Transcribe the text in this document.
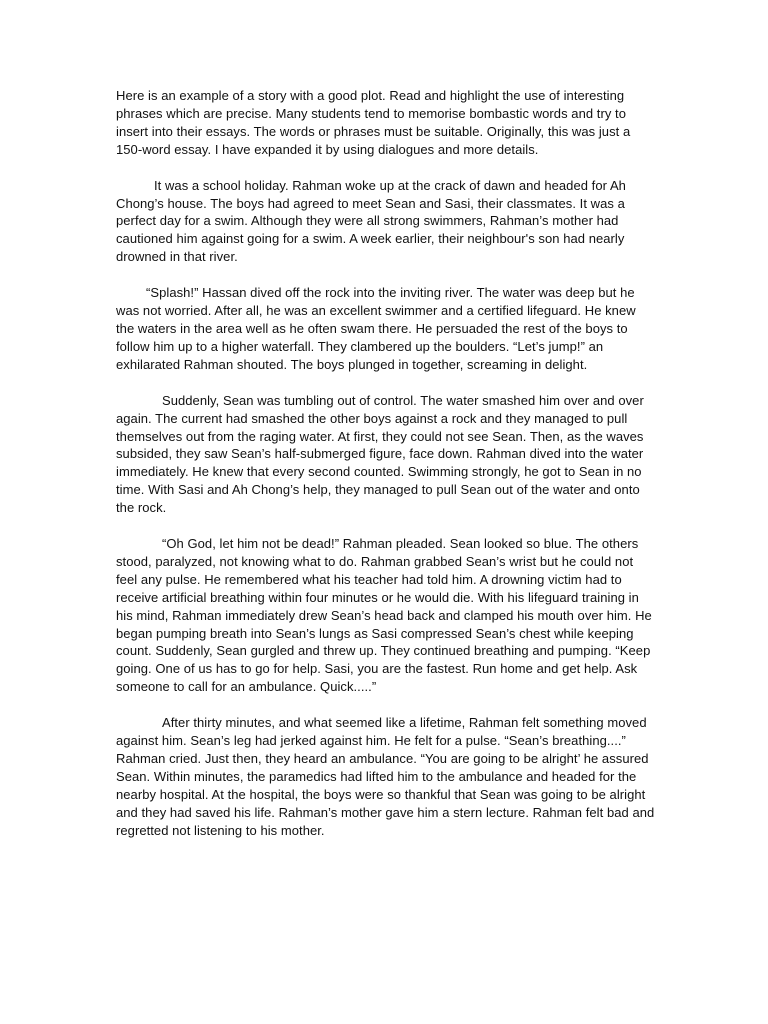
Here is an example of a story with a good plot. Read and highlight the use of interesting phrases which are precise. Many students tend to memorise bombastic words and try to insert into their essays. The words or phrases must be suitable. Originally, this was just a 150-word essay. I have expanded it by using dialogues and more details.

It was a school holiday. Rahman woke up at the crack of dawn and headed for Ah Chong’s house. The boys had agreed to meet Sean and Sasi, their classmates. It was a perfect day for a swim. Although they were all strong swimmers, Rahman’s mother had cautioned him against going for a swim. A week earlier, their neighbour's son had nearly drowned in that river.

“Splash!” Hassan dived off the rock into the inviting river. The water was deep but he was not worried. After all, he was an excellent swimmer and a certified lifeguard. He knew the waters in the area well as he often swam there. He persuaded the rest of the boys to follow him up to a higher waterfall. They clambered up the boulders. “Let’s jump!” an exhilarated Rahman shouted. The boys plunged in together, screaming in delight.

Suddenly, Sean was tumbling out of control. The water smashed him over and over again. The current had smashed the other boys against a rock and they managed to pull themselves out from the raging water. At first, they could not see Sean. Then, as the waves subsided, they saw Sean’s half-submerged figure, face down. Rahman dived into the water immediately. He knew that every second counted. Swimming strongly, he got to Sean in no time. With Sasi and Ah Chong’s help, they managed to pull Sean out of the water and onto the rock.

“Oh God, let him not be dead!” Rahman pleaded. Sean looked so blue. The others stood, paralyzed, not knowing what to do. Rahman grabbed Sean’s wrist but he could not feel any pulse. He remembered what his teacher had told him. A drowning victim had to receive artificial breathing within four minutes or he would die. With his lifeguard training in his mind, Rahman immediately drew Sean’s head back and clamped his mouth over him. He began pumping breath into Sean’s lungs as Sasi compressed Sean’s chest while keeping count. Suddenly, Sean gurgled and threw up. They continued breathing and pumping. “Keep going. One of us has to go for help. Sasi, you are the fastest. Run home and get help. Ask someone to call for an ambulance. Quick.....”

After thirty minutes, and what seemed like a lifetime, Rahman felt something moved against him. Sean’s leg had jerked against him. He felt for a pulse. “Sean’s breathing....” Rahman cried. Just then, they heard an ambulance. “You are going to be alright’ he assured Sean. Within minutes, the paramedics had lifted him to the ambulance and headed for the nearby hospital. At the hospital, the boys were so thankful that Sean was going to be alright and they had saved his life. Rahman’s mother gave him a stern lecture. Rahman felt bad and regretted not listening to his mother.
